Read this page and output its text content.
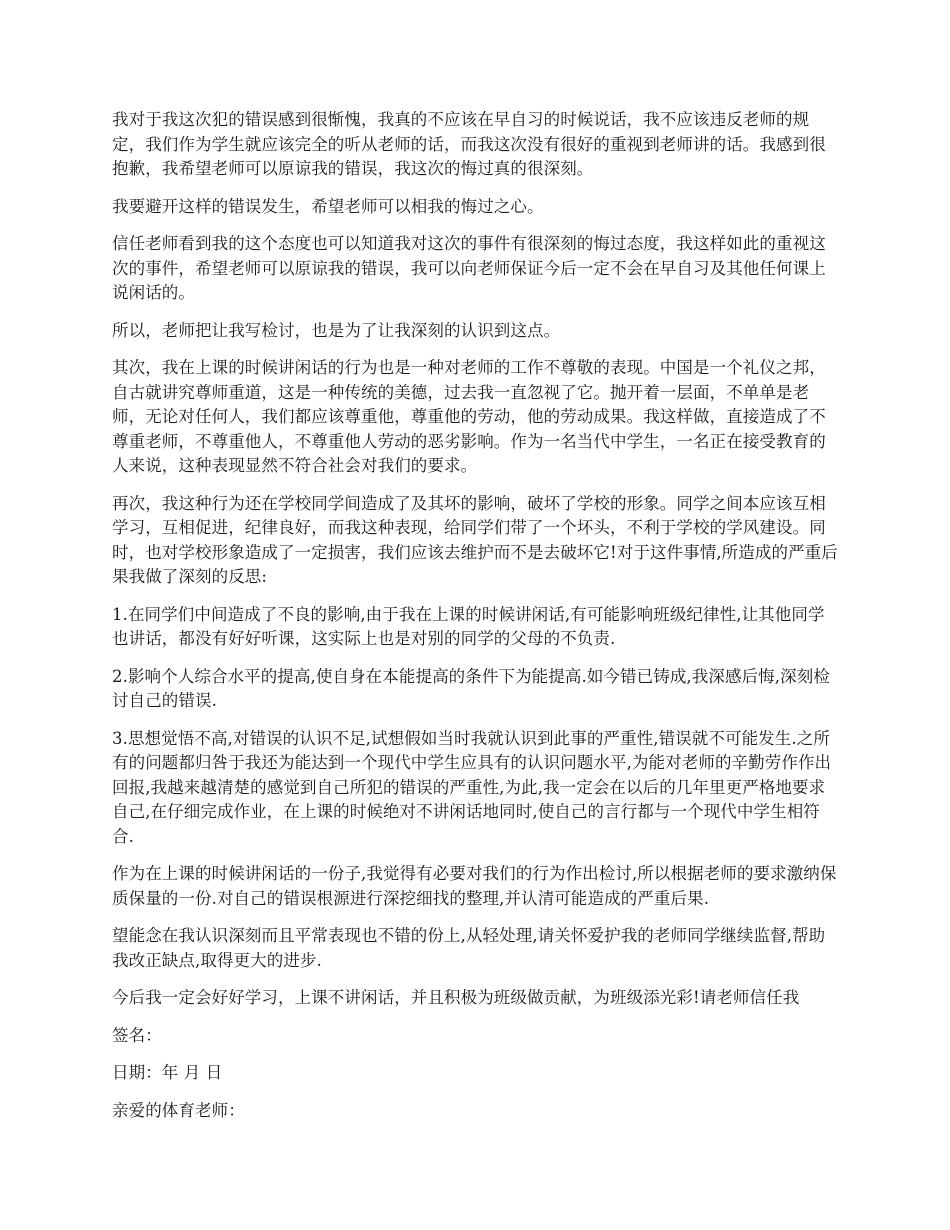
我对于我这次犯的错误感到很惭愧，我真的不应该在早自习的时候说话，我不应该违反老师的规定，我们作为学生就应该完全的听从老师的话，而我这次没有很好的重视到老师讲的话。我感到很抱歉，我希望老师可以原谅我的错误，我这次的悔过真的很深刻。

我要避开这样的错误发生，希望老师可以相我的悔过之心。

信任老师看到我的这个态度也可以知道我对这次的事件有很深刻的悔过态度，我这样如此的重视这次的事件，希望老师可以原谅我的错误，我可以向老师保证今后一定不会在早自习及其他任何课上说闲话的。

所以，老师把让我写检讨，也是为了让我深刻的认识到这点。

其次，我在上课的时候讲闲话的行为也是一种对老师的工作不尊敬的表现。中国是一个礼仪之邦，自古就讲究尊师重道，这是一种传统的美德，过去我一直忽视了它。抛开着一层面，不单单是老师，无论对任何人，我们都应该尊重他，尊重他的劳动，他的劳动成果。我这样做，直接造成了不尊重老师，不尊重他人，不尊重他人劳动的恶劣影响。作为一名当代中学生，一名正在接受教育的人来说，这种表现显然不符合社会对我们的要求。

再次，我这种行为还在学校同学间造成了及其坏的影响，破坏了学校的形象。同学之间本应该互相学习，互相促进，纪律良好，而我这种表现，给同学们带了一个坏头，不利于学校的学风建设。同时，也对学校形象造成了一定损害，我们应该去维护而不是去破坏它!对于这件事情,所造成的严重后果我做了深刻的反思:

1.在同学们中间造成了不良的影响,由于我在上课的时候讲闲话,有可能影响班级纪律性,让其他同学也讲话，都没有好好听课，这实际上也是对别的同学的父母的不负责.

2.影响个人综合水平的提高,使自身在本能提高的条件下为能提高.如今错已铸成,我深感后悔,深刻检讨自己的错误.

3.思想觉悟不高,对错误的认识不足,试想假如当时我就认识到此事的严重性,错误就不可能发生.之所有的问题都归咎于我还为能达到一个现代中学生应具有的认识问题水平,为能对老师的辛勤劳作作出回报,我越来越清楚的感觉到自己所犯的错误的严重性,为此,我一定会在以后的几年里更严格地要求自己,在仔细完成作业，在上课的时候绝对不讲闲话地同时,使自己的言行都与一个现代中学生相符合.

作为在上课的时候讲闲话的一份子,我觉得有必要对我们的行为作出检讨,所以根据老师的要求激纳保质保量的一份.对自己的错误根源进行深挖细找的整理,并认清可能造成的严重后果.

望能念在我认识深刻而且平常表现也不错的份上,从轻处理,请关怀爱护我的老师同学继续监督,帮助我改正缺点,取得更大的进步.

今后我一定会好好学习，上课不讲闲话，并且积极为班级做贡献，为班级添光彩!请老师信任我

签名：

日期：年 月 日

亲爱的体育老师：
